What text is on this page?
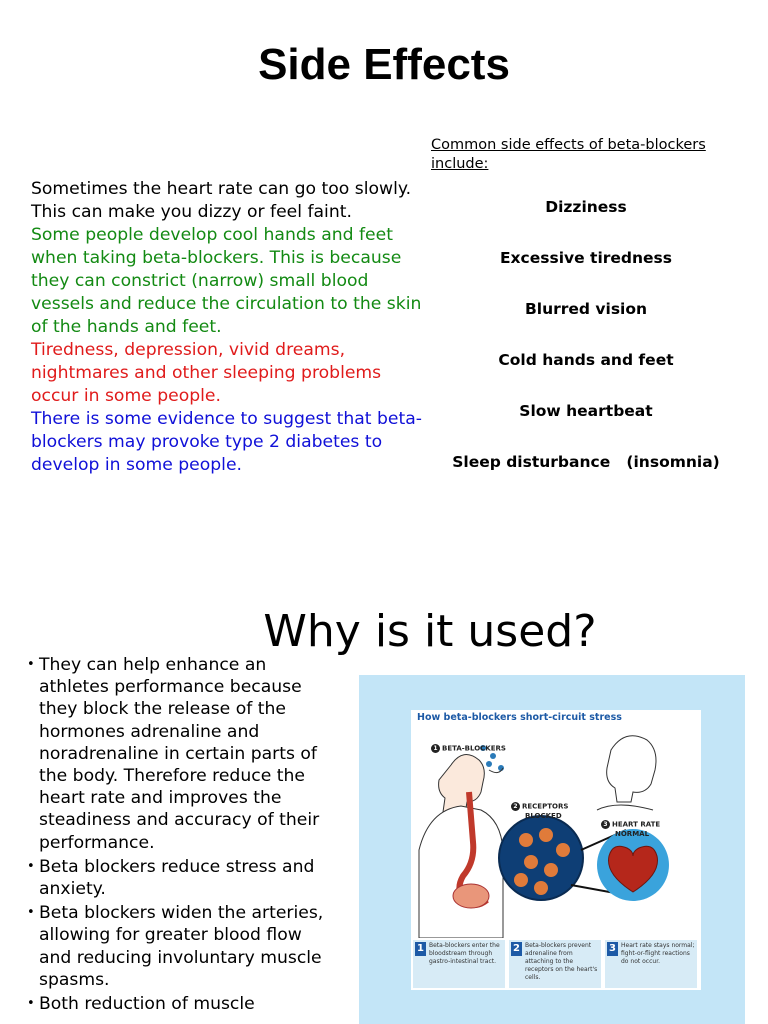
Side Effects

Sometimes the heart rate can go too slowly. This can make you dizzy or feel faint.

Some people develop cool hands and feet when taking beta-blockers. This is because they can constrict (narrow) small blood vessels and reduce the circulation to the skin of the hands and feet.

Tiredness, depression, vivid dreams, nightmares and other sleeping problems occur in some people.

There is some evidence to suggest that beta-blockers may provoke type 2 diabetes to develop in some people.

Common side effects of beta-blockers include:
Dizziness
Excessive tiredness
Blurred vision
Cold hands and feet
Slow heartbeat
Sleep disturbance   (insomnia)
Why is it used?
• They can help enhance an athletes performance because they block the release of the hormones adrenaline and noradrenaline in certain parts of the body. Therefore reduce the heart rate and improves the steadiness and accuracy of their performance.
• Beta blockers reduce stress and anxiety.
• Beta blockers widen the arteries, allowing for greater blood flow and reducing involuntary muscle spasms.
• Both reduction of muscle
How beta-blockers short-circuit stress
1 BETA-BLOCKERS
2 RECEPTORS
BLOCKED
3 HEART RATE
NORMAL
1 Beta-blockers enter the bloodstream through gastro-intestinal tract.
2 Beta-blockers prevent adrenaline from attaching to the receptors on the heart's cells.
3 Heart rate stays normal; fight-or-flight reactions do not occur.
